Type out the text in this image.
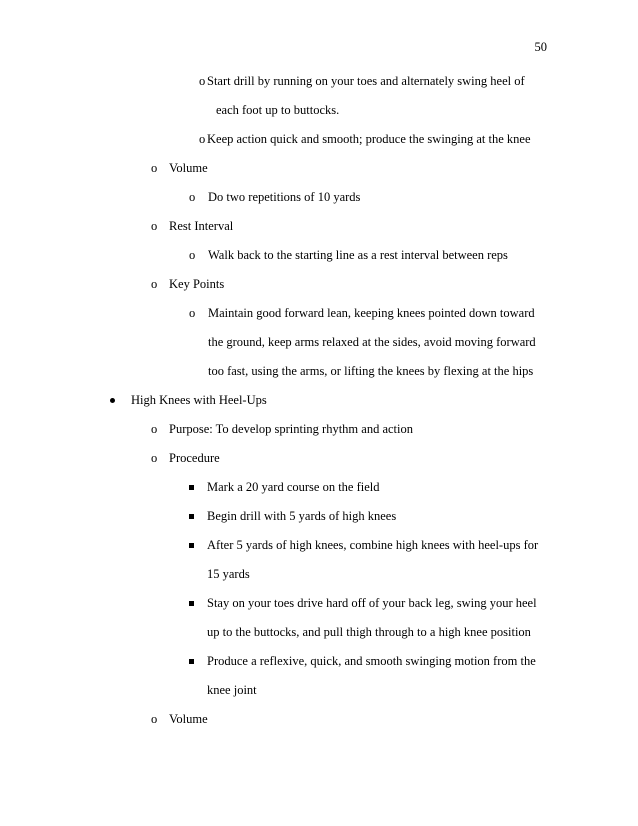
50
o Start drill by running on your toes and alternately swing heel of
each foot up to buttocks.
o Keep action quick and smooth; produce the swinging at the knee
o Volume
o Do two repetitions of 10 yards
o Rest Interval
o Walk back to the starting line as a rest interval between reps
o Key Points
o Maintain good forward lean, keeping knees pointed down toward
the ground, keep arms relaxed at the sides, avoid moving forward
too fast, using the arms, or lifting the knees by flexing at the hips
High Knees with Heel-Ups
o Purpose: To develop sprinting rhythm and action
o Procedure
Mark a 20 yard course on the field
Begin drill with 5 yards of high knees
After 5 yards of high knees, combine high knees with heel-ups for
15 yards
Stay on your toes drive hard off of your back leg, swing your heel
up to the buttocks, and pull thigh through to a high knee position
Produce a reflexive, quick, and smooth swinging motion from the
knee joint
o Volume
